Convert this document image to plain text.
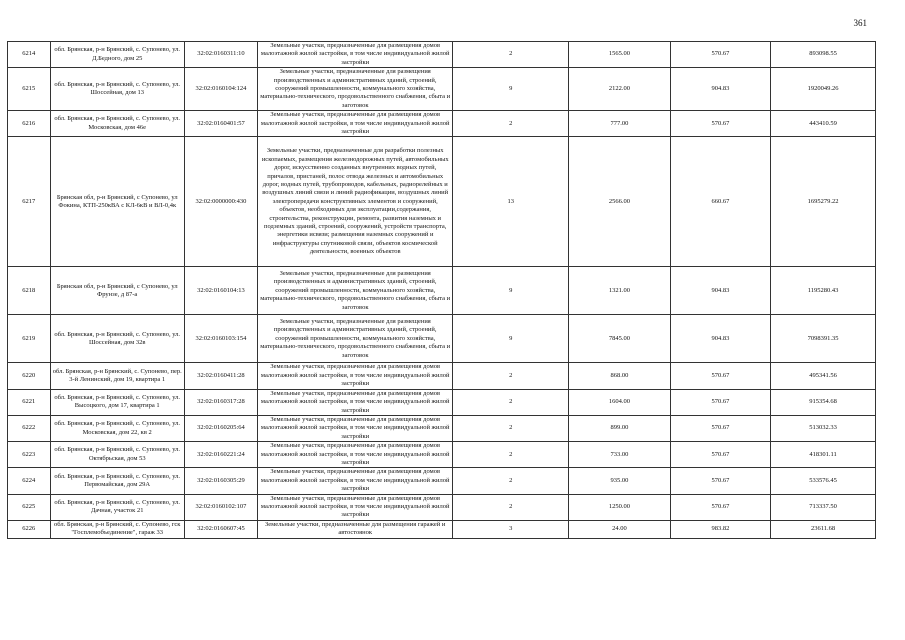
361
6214	обл. Брянская, р-н Брянский, с. Супонево, ул. Д.Бедного, дом 25	32:02:0160311:10	Земельные участки, предназначенные для размещения домов малоэтажной жилой застройки, в том числе индивидуальной жилой застройки	2	1565.00	570.67	893098.55
6215	обл. Брянская, р-н Брянский, с. Супонево, ул. Шоссейная, дом 13	32:02:0160104:124	Земельные участки, предназначенные для размещения производственных и административных зданий, строений, сооружений промышленности, коммунального хозяйства, материально-технического, продовольственного снабжения, сбыта и заготовок	9	2122.00	904.83	1920049.26
6216	обл. Брянская, р-н Брянский, с. Супонево, ул. Московская, дом 46е	32:02:0160401:57	Земельные участки, предназначенные для размещения домов малоэтажной жилой застройки, в том числе индивидуальной жилой застройки	2	777.00	570.67	443410.59
6217	Брянская обл, р-н Брянский, с Супонево, ул Фокина, КТП-250кВА с КЛ-6кВ и ВЛ-0,4к	32:02:0000000:430	Земельные участки, предназначенные для разработки полезных ископаемых, размещения железнодорожных путей, автомобильных дорог, искусственно созданных внутренних водных путей, причалов, пристаней, полос отвода железных и автомобильных дорог, водных путей, трубопроводов, кабельных, радиорелейных и воздушных линий связи и линий радиофикации, воздушных линий электропередачи конструктивных элементов и сооружений, объектов, необходимых для эксплуатации,содержания, строительства, реконструкции, ремонта, развития наземных и подземных зданий, строений, сооружений, устройств транспорта, энергетики исвязи; размещения наземных сооружений и инфраструктуры спутниковой связи, объектов космической деятельности, военных объектов	13	2566.00	660.67	1695279.22
6218	Брянская обл, р-н Брянский, с Супонево, ул Фрунзе, д 87-а	32:02:0160104:13	Земельные участки, предназначенные для размещения производственных и административных зданий, строений, сооружений промышленности, коммунального хозяйства, материально-технического, продовольственного снабжения, сбыта и заготовок	9	1321.00	904.83	1195280.43
6219	обл. Брянская, р-н Брянский, с. Супонево, ул. Шоссейная, дом 32в	32:02:0160103:154	Земельные участки, предназначенные для размещения производственных и административных зданий, строений, сооружений промышленности, коммунального хозяйства, материально-технического, продовольственного снабжения, сбыта и заготовок	9	7845.00	904.83	7098391.35
6220	обл. Брянская, р-н Брянский, с. Супонево, пер. 3-й Ленинский, дом 19, квартира 1	32:02:0160411:28	Земельные участки, предназначенные для размещения домов малоэтажной жилой застройки, в том числе индивидуальной жилой застройки	2	868.00	570.67	495341.56
6221	обл. Брянская, р-н Брянский, с. Супонево, ул. Высоцкого, дом 17, квартира 1	32:02:0160317:28	Земельные участки, предназначенные для размещения домов малоэтажной жилой застройки, в том числе индивидуальной жилой застройки	2	1604.00	570.67	915354.68
6222	обл. Брянская, р-н Брянский, с. Супонево, ул. Московская, дом 22, кв 2	32:02:0160205:64	Земельные участки, предназначенные для размещения домов малоэтажной жилой застройки, в том числе индивидуальной жилой застройки	2	899.00	570.67	513032.33
6223	обл. Брянская, р-н Брянский, с. Супонево, ул. Октябрьская, дом 53	32:02:0160221:24	Земельные участки, предназначенные для размещения домов малоэтажной жилой застройки, в том числе индивидуальной жилой застройки	2	733.00	570.67	418301.11
6224	обл. Брянская, р-н Брянский, с. Супонево, ул. Первомайская, дом 29А	32:02:0160305:29	Земельные участки, предназначенные для размещения домов малоэтажной жилой застройки, в том числе индивидуальной жилой застройки	2	935.00	570.67	533576.45
6225	обл. Брянская, р-н Брянский, с. Супонево, ул. Дачная, участок 21	32:02:0160102:107	Земельные участки, предназначенные для размещения домов малоэтажной жилой застройки, в том числе индивидуальной жилой застройки	2	1250.00	570.67	713337.50
6226	обл. Брянская, р-н Брянский, с. Супонево, гск "Госплемобъединение", гараж 33	32:02:0160607:45	Земельные участки, предназначенные для размещения гаражей и автостоянок	3	24.00	983.82	23611.68
